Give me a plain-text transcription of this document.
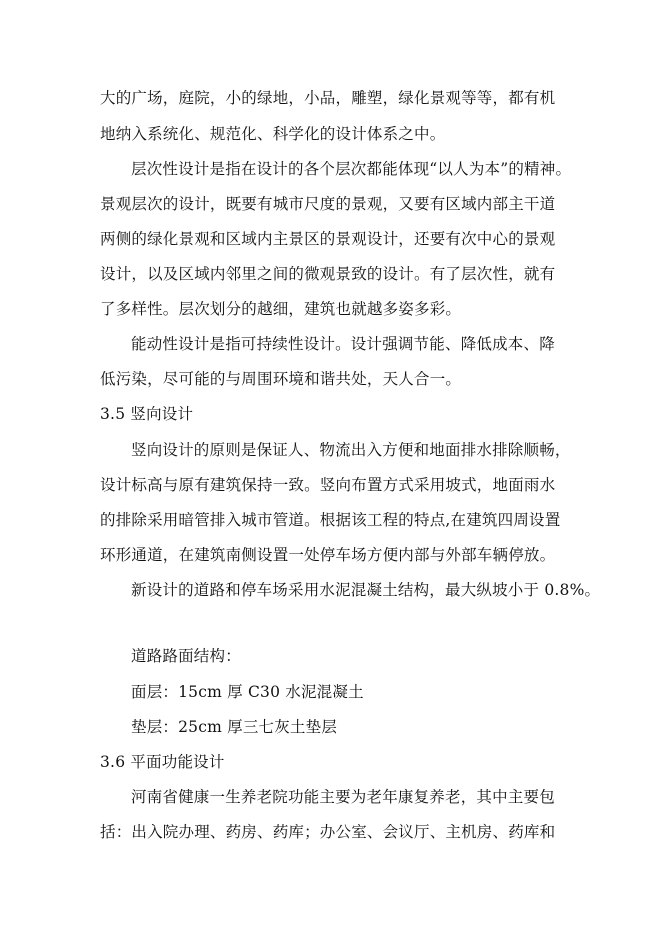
大的广场，庭院，小的绿地，小品，雕塑，绿化景观等等，都有机
地纳入系统化、规范化、科学化的设计体系之中。
层次性设计是指在设计的各个层次都能体现“以人为本”的精神。
景观层次的设计，既要有城市尺度的景观，又要有区域内部主干道
两侧的绿化景观和区域内主景区的景观设计，还要有次中心的景观
设计，以及区域内邻里之间的微观景致的设计。有了层次性，就有
了多样性。层次划分的越细，建筑也就越多姿多彩。
能动性设计是指可持续性设计。设计强调节能、降低成本、降
低污染，尽可能的与周围环境和谐共处，天人合一。
3.5 竖向设计
竖向设计的原则是保证人、物流出入方便和地面排水排除顺畅，
设计标高与原有建筑保持一致。竖向布置方式采用坡式，地面雨水
的排除采用暗管排入城市管道。根据该工程的特点,在建筑四周设置
环形通道，在建筑南侧设置一处停车场方便内部与外部车辆停放。
新设计的道路和停车场采用水泥混凝土结构，最大纵坡小于 0.8%。
道路路面结构：
面层：15cm 厚 C30 水泥混凝土
垫层：25cm 厚三七灰土垫层
3.6 平面功能设计
河南省健康一生养老院功能主要为老年康复养老，其中主要包
括：出入院办理、药房、药库；办公室、会议厅、主机房、药库和
